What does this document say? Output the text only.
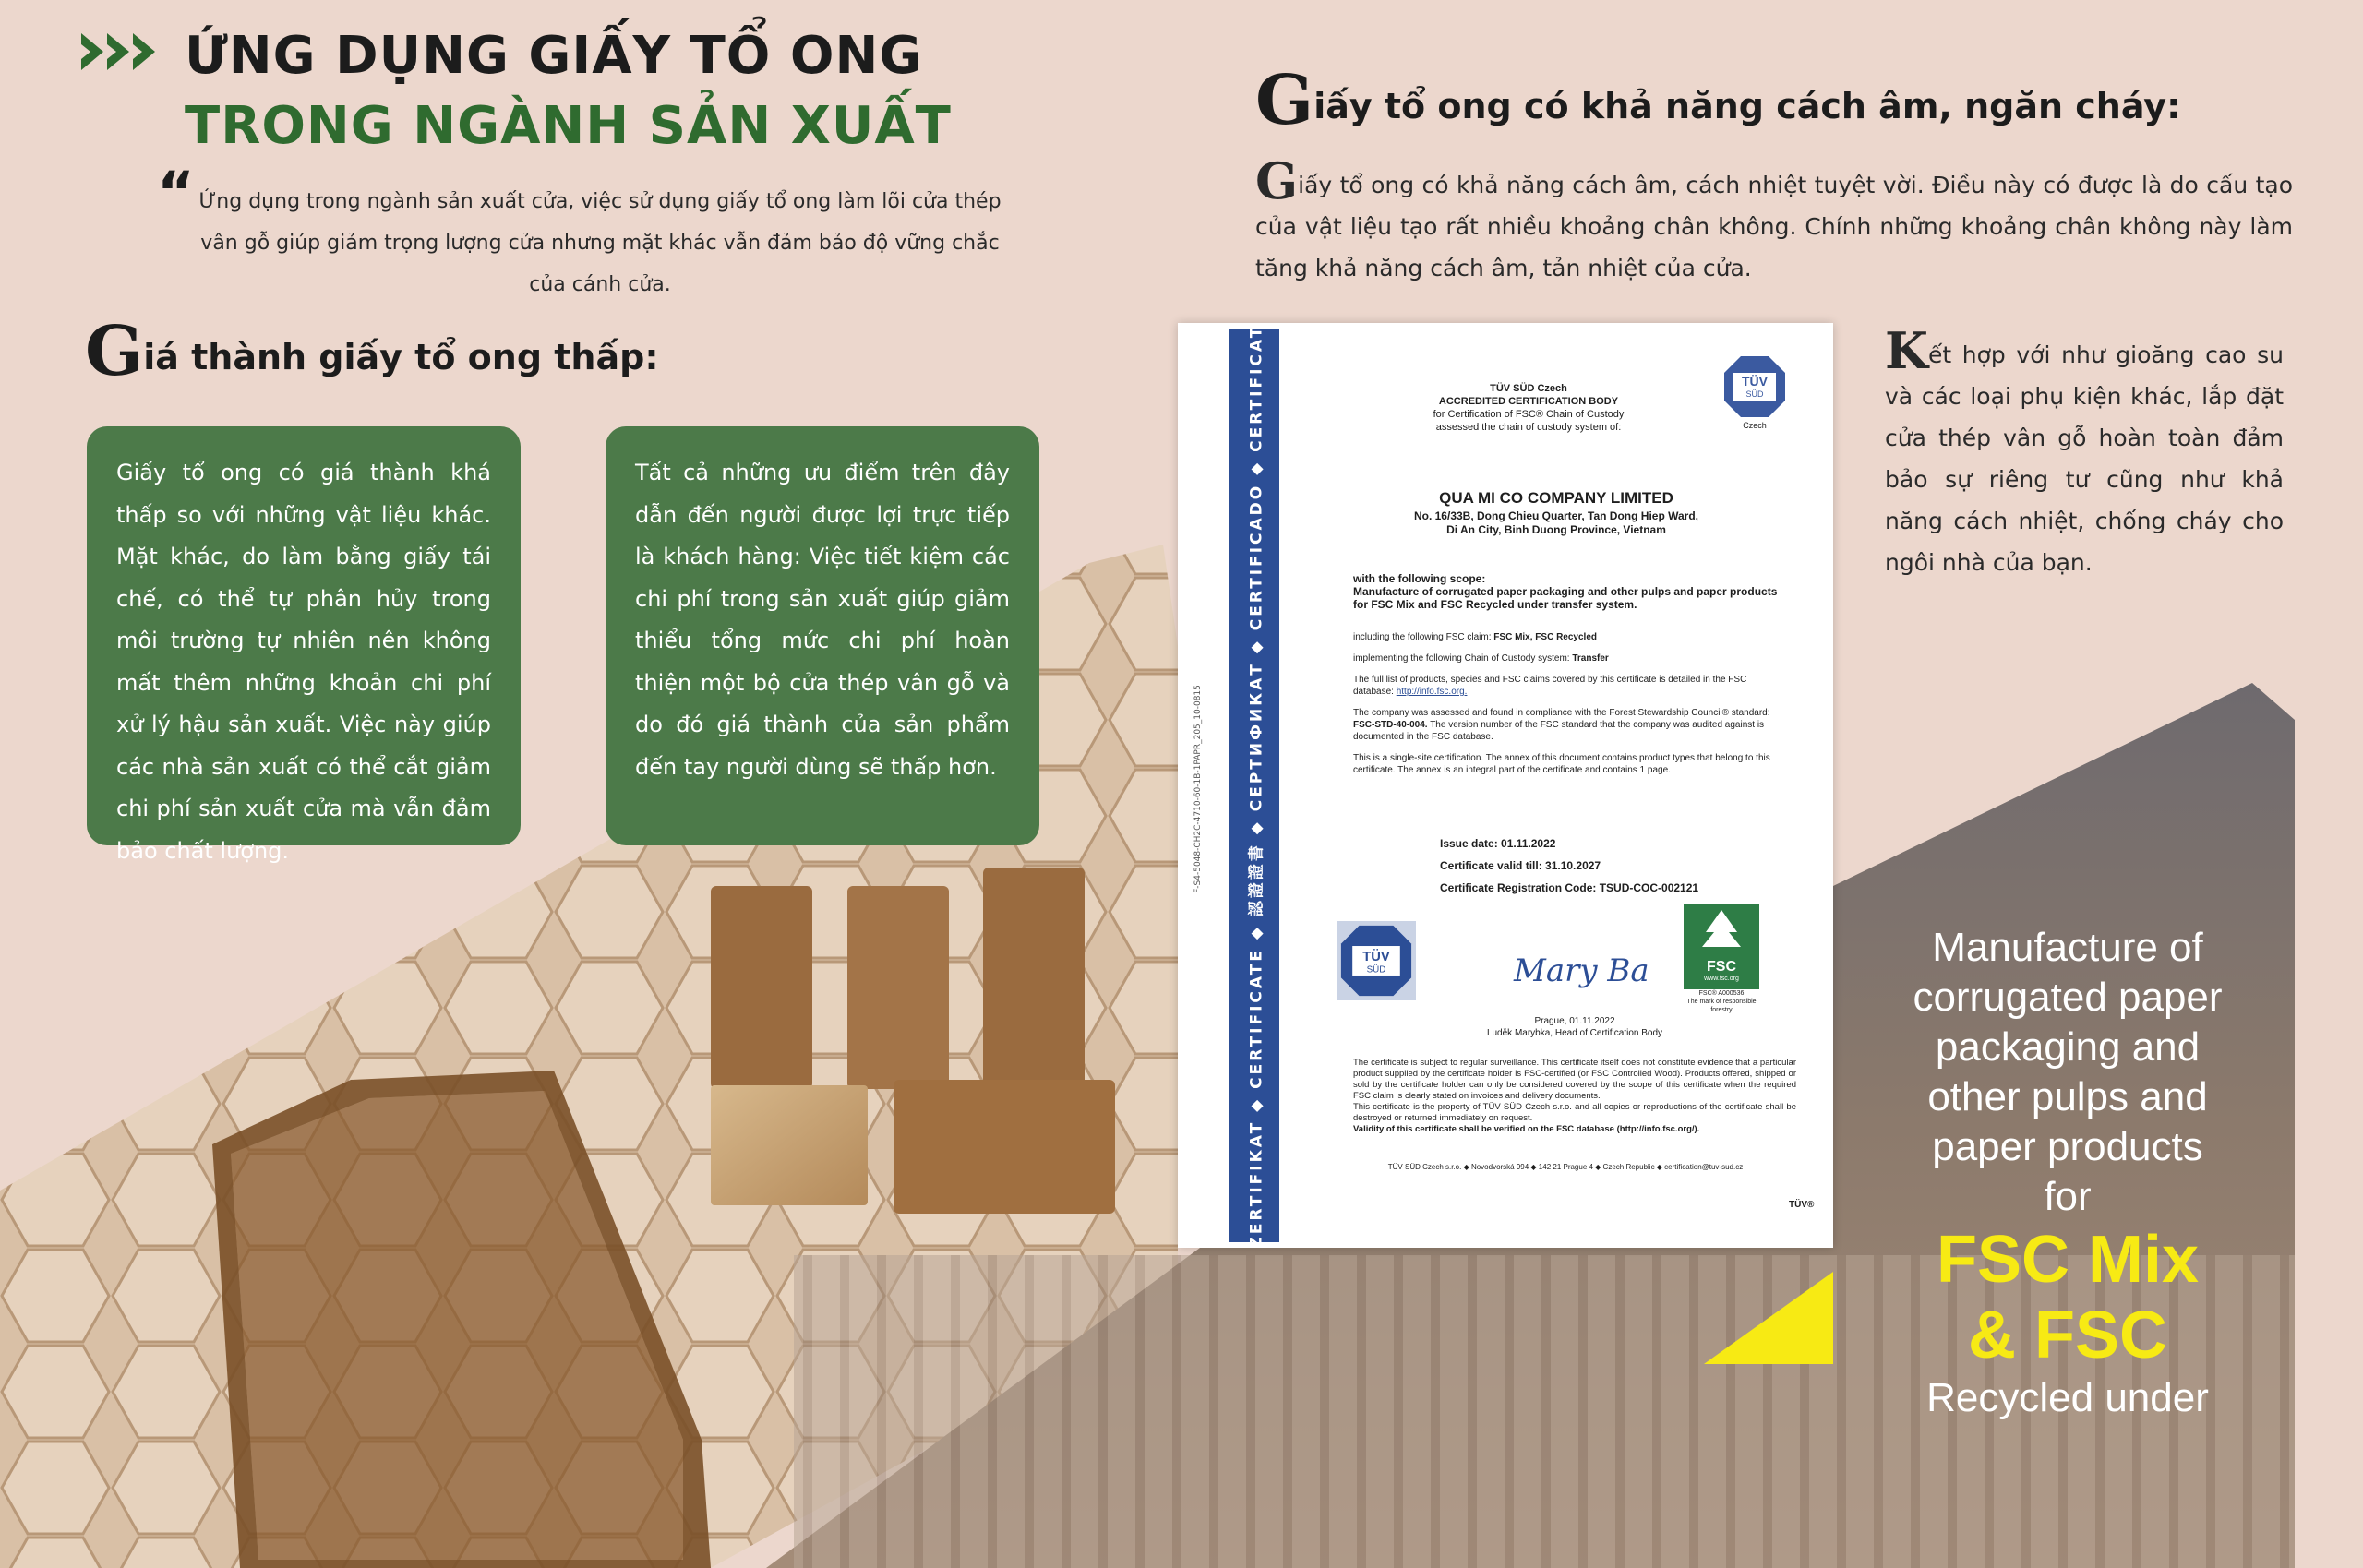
ỨNG DỤNG GIẤY TỔ ONG
TRONG NGÀNH SẢN XUẤT
“ Ứng dụng trong ngành sản xuất cửa, việc sử dụng giấy tổ ong làm lõi cửa thép vân gỗ giúp giảm trọng lượng cửa nhưng mặt khác vẫn đảm bảo độ vững chắc của cánh cửa.
Giá thành giấy tổ ong thấp:
Giấy tổ ong có giá thành khá thấp so với những vật liệu khác. Mặt khác, do làm bằng giấy tái chế, có thể tự phân hủy trong môi trường tự nhiên nên không mất thêm những khoản chi phí xử lý hậu sản xuất. Việc này giúp các nhà sản xuất có thể cắt giảm chi phí sản xuất cửa mà vẫn đảm bảo chất lượng.
Tất cả những ưu điểm trên đây dẫn đến người được lợi trực tiếp là khách hàng: Việc tiết kiệm các chi phí trong sản xuất giúp giảm thiểu tổng mức chi phí hoàn thiện một bộ cửa thép vân gỗ và do đó giá thành của sản phẩm đến tay người dùng sẽ thấp hơn.
Giấy tổ ong có khả năng cách âm, ngăn cháy:
Giấy tổ ong có khả năng cách âm, cách nhiệt tuyệt vời. Điều này có được là do cấu tạo của vật liệu tạo rất nhiều khoảng chân không. Chính những khoảng chân không này làm tăng khả năng cách âm, tản nhiệt của cửa.
Kết hợp với như gioăng cao su và các loại phụ kiện khác, lắp đặt cửa thép vân gỗ hoàn toàn đảm bảo sự riêng tư cũng như khả năng cách nhiệt, chống cháy cho ngôi nhà của bạn.
ZERTIFIKAT ◆ CERTIFICATE ◆ 認證證書 ◆ СЕРТИФИКАТ ◆ CERTIFICADO ◆ CERTIFICAT
F-S4-5048-CH2C-4710-60-1B-1PAPR_205_10-0815
TÜV SÜD Czech
ACCREDITED CERTIFICATION BODY
for Certification of FSC® Chain of Custody
assessed the chain of custody system of:
TÜV
SÜD
Czech
QUA MI CO COMPANY LIMITED
No. 16/33B, Dong Chieu Quarter, Tan Dong Hiep Ward,
Di An City, Binh Duong Province, Vietnam
with the following scope:
Manufacture of corrugated paper packaging and other pulps and paper products for FSC Mix and FSC Recycled under transfer system.
including the following FSC claim: FSC Mix, FSC Recycled
implementing the following Chain of Custody system: Transfer
The full list of products, species and FSC claims covered by this certificate is detailed in the FSC database: http://info.fsc.org.
The company was assessed and found in compliance with the Forest Stewardship Council® standard: FSC-STD-40-004. The version number of the FSC standard that the company was audited against is documented in the FSC database.
This is a single-site certification. The annex of this document contains product types that belong to this certificate. The annex is an integral part of the certificate and contains 1 page.
Issue date: 01.11.2022
Certificate valid till: 31.10.2027
Certificate Registration Code: TSUD-COC-002121
TÜV
SÜD	Mary Ba	FSC
www.fsc.org
FSC® A000536
The mark of responsible forestry
Prague, 01.11.2022
Luděk Marybka, Head of Certification Body
The certificate is subject to regular surveillance. This certificate itself does not constitute evidence that a particular product supplied by the certificate holder is FSC-certified (or FSC Controlled Wood). Products offered, shipped or sold by the certificate holder can only be considered covered by the scope of this certificate when the required FSC claim is clearly stated on invoices and delivery documents.
This certificate is the property of TÜV SÜD Czech s.r.o. and all copies or reproductions of the certificate shall be destroyed or returned immediately on request.
Validity of this certificate shall be verified on the FSC database (http://info.fsc.org/).
TÜV SÜD Czech s.r.o. ◆ Novodvorská 994 ◆ 142 21 Prague 4 ◆ Czech Republic ◆ certification@tuv-sud.cz
TÜV®
Manufacture of
corrugated paper
packaging and
other pulps and
paper products
for
FSC Mix
& FSC
Recycled under
